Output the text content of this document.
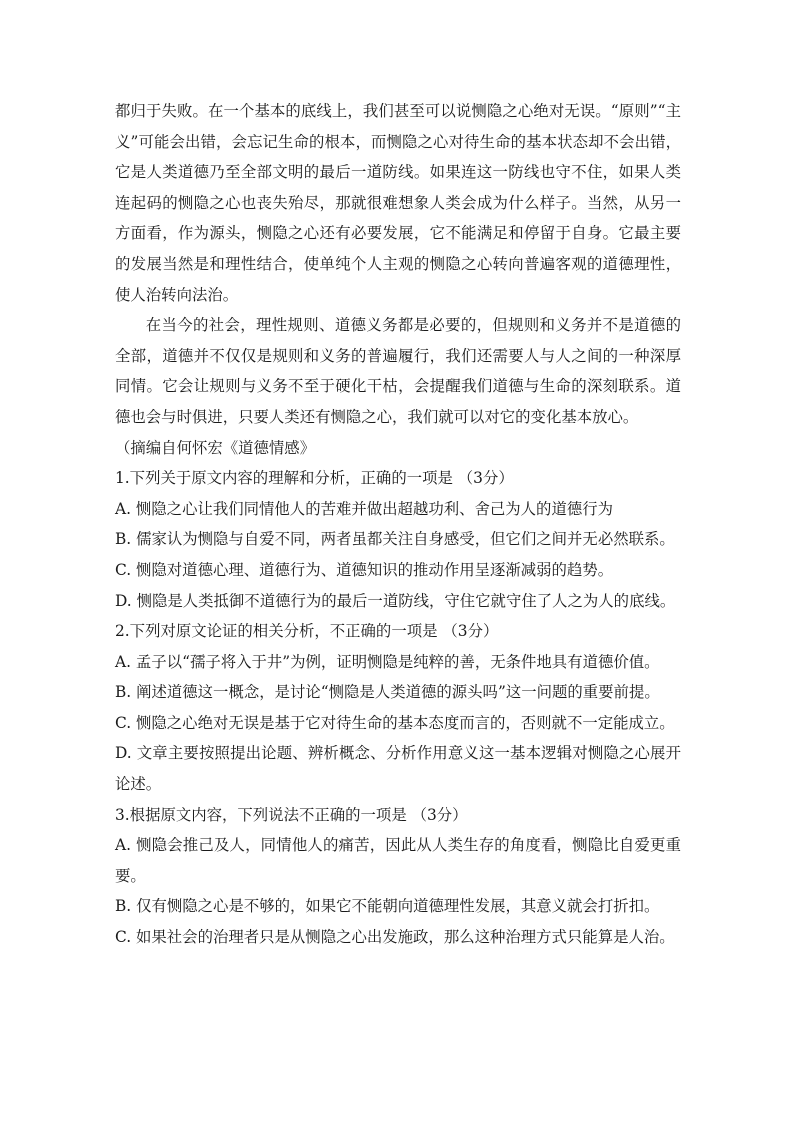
都归于失败。在一个基本的底线上，我们甚至可以说恻隐之心绝对无误。“原则”“主义”可能会出错，会忘记生命的根本，而恻隐之心对待生命的基本状态却不会出错，它是人类道德乃至全部文明的最后一道防线。如果连这一防线也守不住，如果人类连起码的恻隐之心也丧失殆尽，那就很难想象人类会成为什么样子。当然，从另一方面看，作为源头，恻隐之心还有必要发展，它不能满足和停留于自身。它最主要的发展当然是和理性结合，使单纯个人主观的恻隐之心转向普遍客观的道德理性，使人治转向法治。

在当今的社会，理性规则、道德义务都是必要的，但规则和义务并不是道德的全部，道德并不仅仅是规则和义务的普遍履行，我们还需要人与人之间的一种深厚同情。它会让规则与义务不至于硬化干枯，会提醒我们道德与生命的深刻联系。道德也会与时俱进，只要人类还有恻隐之心，我们就可以对它的变化基本放心。

（摘编自何怀宏《道德情感》

1.下列关于原文内容的理解和分析，正确的一项是 （3分）

A. 恻隐之心让我们同情他人的苦难并做出超越功利、舍己为人的道德行为

B. 儒家认为恻隐与自爱不同，两者虽都关注自身感受，但它们之间并无必然联系。

C. 恻隐对道德心理、道德行为、道德知识的推动作用呈逐渐减弱的趋势。

D. 恻隐是人类抵御不道德行为的最后一道防线，守住它就守住了人之为人的底线。

2.下列对原文论证的相关分析，不正确的一项是 （3分）

A. 孟子以“孺子将入于井”为例，证明恻隐是纯粹的善，无条件地具有道德价值。

B. 阐述道德这一概念，是讨论“恻隐是人类道德的源头吗”这一问题的重要前提。

C. 恻隐之心绝对无误是基于它对待生命的基本态度而言的，否则就不一定能成立。

D. 文章主要按照提出论题、辨析概念、分析作用意义这一基本逻辑对恻隐之心展开论述。

3.根据原文内容，下列说法不正确的一项是 （3分）

A. 恻隐会推己及人，同情他人的痛苦，因此从人类生存的角度看，恻隐比自爱更重要。

B. 仅有恻隐之心是不够的，如果它不能朝向道德理性发展，其意义就会打折扣。

C. 如果社会的治理者只是从恻隐之心出发施政，那么这种治理方式只能算是人治。
